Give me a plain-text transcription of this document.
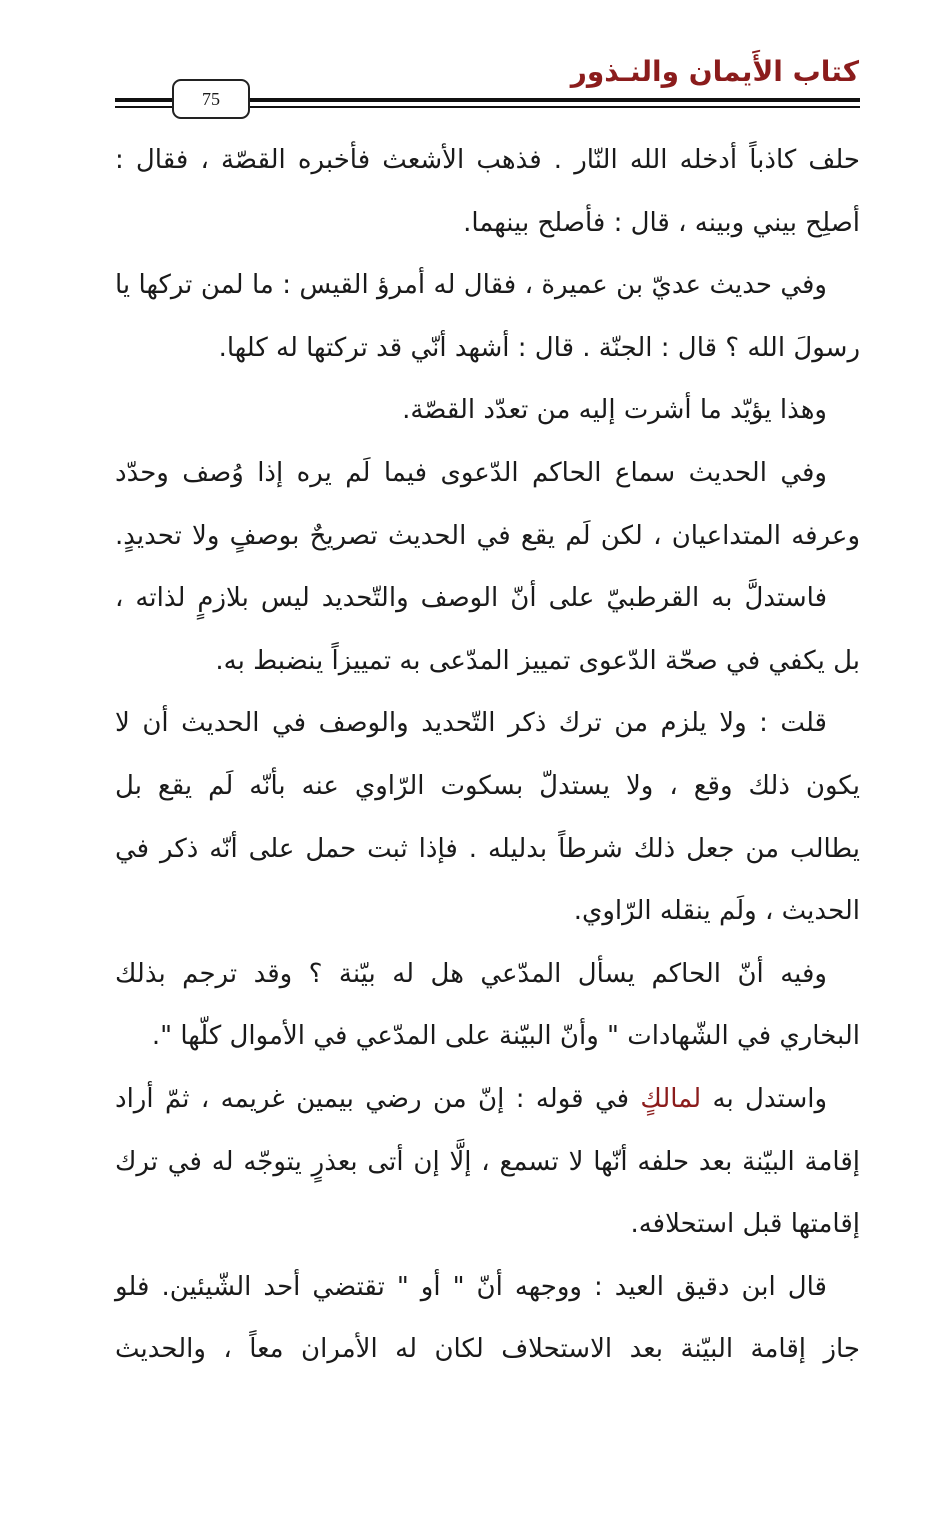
كتاب الأَيمان والنـذور
75
حلف كاذباً أدخله الله النّار . فذهب الأشعث فأخبره القصّة ، فقال :
أصلِح بيني وبينه ، قال : فأصلح بينهما.
وفي حديث عديّ بن عميرة ، فقال له أمرؤ القيس : ما لمن تركها يا
رسولَ الله ؟ قال : الجنّة . قال : أشهد أنّي قد تركتها له كلها.
وهذا يؤيّد ما أشرت إليه من تعدّد القصّة.
وفي الحديث سماع الحاكم الدّعوى فيما لَم يره إذا وُصف وحدّد
وعرفه المتداعيان ، لكن لَم يقع في الحديث تصريحٌ بوصفٍ ولا تحديدٍ.
فاستدلَّ به القرطبيّ على أنّ الوصف والتّحديد ليس بلازمٍ لذاته ،
بل يكفي في صحّة الدّعوى تمييز المدّعى به تمييزاً ينضبط به.
قلت : ولا يلزم من ترك ذكر التّحديد والوصف في الحديث أن لا
يكون ذلك وقع ، ولا يستدلّ بسكوت الرّاوي عنه بأنّه لَم يقع بل
يطالب من جعل ذلك شرطاً بدليله . فإذا ثبت حمل على أنّه ذكر في
الحديث ، ولَم ينقله الرّاوي.
وفيه أنّ الحاكم يسأل المدّعي هل له بيّنة ؟ وقد ترجم بذلك
البخاري في الشّهادات " وأنّ البيّنة على المدّعي في الأموال كلّها ".
واستدل به لمالكٍ في قوله : إنّ من رضي بيمين غريمه ، ثمّ أراد
إقامة البيّنة بعد حلفه أنّها لا تسمع ، إلَّا إن أتى بعذرٍ يتوجّه له في ترك
إقامتها قبل استحلافه.
قال ابن دقيق العيد : ووجهه أنّ " أو " تقتضي أحد الشّيئين. فلو
جاز إقامة البيّنة بعد الاستحلاف لكان له الأمران معاً ، والحديث
